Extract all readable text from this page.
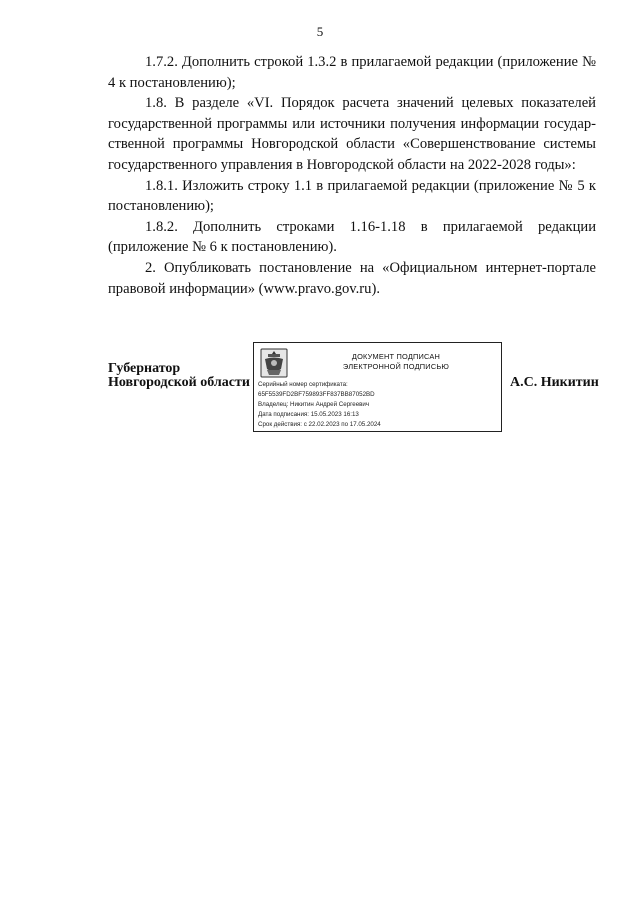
5

1.7.2. Дополнить строкой 1.3.2 в прилагаемой редакции (приложение № 4 к постановлению);

1.8. В разделе «VI. Порядок расчета значений целевых показателей государственной программы или источники получения информации государ- ственной программы Новгородской области «Совершенствование системы государственного управления в Новгородской области на 2022-2028 годы»:

1.8.1. Изложить строку 1.1 в прилагаемой редакции (приложение № 5 к постановлению);

1.8.2. Дополнить строками 1.16-1.18 в прилагаемой редакции (приложение № 6 к постановлению).

2. Опубликовать постановление на «Официальном интернет-портале правовой информации» (www.pravo.gov.ru).

Губернатор
Новгородской области
ДОКУМЕНТ ПОДПИСАН
ЭЛЕКТРОННОЙ ПОДПИСЬЮ
Серийный номер сертификата:
65F5539FD2BF759893FF837BB87052BD
Владелец: Никитин Андрей Сергеевич
Дата подписания: 15.05.2023 16:13
Срок действия: с 22.02.2023 по 17.05.2024
А.С. Никитин
